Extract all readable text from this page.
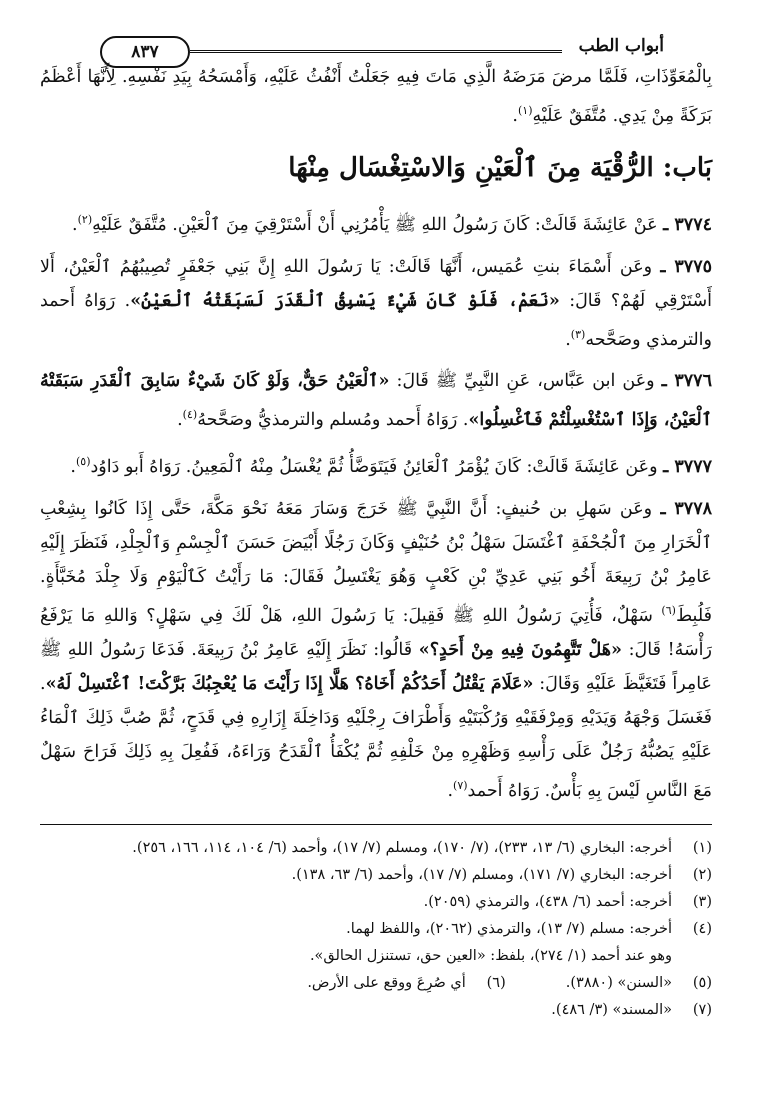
أبواب الطب
٨٣٧

بِالْمُعَوِّذَاتِ، فَلَمَّا مرضَ مَرَضَهُ الَّذِي مَاتَ فِيهِ جَعَلْتُ أَنْفُثُ عَلَيْهِ، وَأَمْسَحُهُ بِيَدِ نَفْسِهِ. لِأَنَّهَا أَعْظَمُ بَرَكَةً مِنْ يَدِي. مُتَّفَقٌ عَلَيْهِ$^{(١)}$.

بَاب: الرُّقْيَة مِنَ ٱلْعَيْنِ وَالاسْتِغْسَال مِنْهَا

٣٧٧٤ ـ عَنْ عَائِشَةَ قَالَتْ: كَانَ رَسُولُ اللهِ ﷺ يَأْمُرُنِي أَنْ أَسْتَرْقِيَ مِنَ ٱلْعَيْنِ. مُتَّفَقٌ عَلَيْهِ$^{(٢)}$.

٣٧٧٥ ـ وعَن أَسْمَاءَ بنتِ عُمَيس، أَنَّهَا قَالَتْ: يَا رَسُولَ اللهِ إِنَّ بَنِي جَعْفَرٍ تُصِيبُهُمُ ٱلْعَيْنُ، أَلا أَسْتَرْقِي لَهُمْ؟ قَالَ: «نَعَمْ، فَلَوْ كَانَ شَيْءٌ يَسْبِقُ ٱلْقَدَرَ لَسَبَقَتْهُ ٱلْعَيْنُ». رَوَاهُ أَحمد والترمذي وصَحَّحه$^{(٣)}$.

٣٧٧٦ ـ وعَن ابن عَبَّاس، عَنِ النَّبِيِّ ﷺ قَالَ: «ٱلْعَيْنُ حَقٌّ، وَلَوْ كَانَ شَيْءٌ سَابِقَ ٱلْقَدَرِ سَبَقَتْهُ ٱلْعَيْنُ، وَإِذَا ٱسْتُغْسِلْتُمْ فَٱغْسِلُوا». رَوَاهُ أَحمد ومُسلم والترمذيُّ وصَحَّحهُ$^{(٤)}$.

٣٧٧٧ ـ وعَن عَائِشَةَ قَالَتْ: كَانَ يُؤْمَرُ ٱلْعَائِنُ فَيَتَوَضَّأُ ثُمَّ يُغْسَلُ مِنْهُ ٱلْمَعِينُ. رَوَاهُ أَبو دَاوُد$^{(٥)}$.

٣٧٧٨ ـ وعَن سَهلِ بن حُنيفٍ: أَنَّ النَّبِيَّ ﷺ خَرَجَ وَسَارَ مَعَهُ نَحْوَ مَكَّةَ، حَتَّى إِذَا كَانُوا بِشِعْبِ ٱلْخَرَارِ مِنَ ٱلْجُحْفَةِ ٱغْتَسَلَ سَهْلُ بْنُ حُنَيْفٍ وَكَانَ رَجُلًا أَبْيَضَ حَسَنَ ٱلْجِسْمِ وَٱلْجِلْدِ، فَنَظَرَ إِلَيْهِ عَامِرُ بْنُ رَبِيعَةَ أَخُو بَنِي عَدِيِّ بْنِ كَعْبٍ وَهُوَ يَغْتَسِلُ فَقَالَ: مَا رَأَيْتُ كَٱلْيَوْمِ وَلَا جِلْدَ مُخَبَّأَةٍ. فَلُبِطَ$^{(٦)}$ سَهْلٌ، فَأُتِيَ رَسُولُ اللهِ ﷺ فَقِيلَ: يَا رَسُولَ اللهِ، هَلْ لَكَ فِي سَهْلٍ؟ وَاللهِ مَا يَرْفَعُ رَأْسَهُ! قَالَ: «هَلْ تَتَّهِمُونَ فِيهِ مِنْ أَحَدٍ؟» قَالُوا: نَظَرَ إِلَيْهِ عَامِرُ بْنُ رَبِيعَةَ. فَدَعَا رَسُولُ اللهِ ﷺ عَامِراً فَتَغَيَّظَ عَلَيْهِ وَقَالَ: «عَلَامَ يَقْتُلُ أَحَدُكُمْ أَخَاهُ؟ هَلَّا إِذَا رَأَيْتَ مَا يُعْجِبُكَ بَرَّكْتَ! ٱغْتَسِلْ لَهُ». فَغَسَلَ وَجْهَهُ وَيَدَيْهِ وَمِرْفَقَيْهِ وَرُكْبَتَيْهِ وَأَطْرَافَ رِجْلَيْهِ وَدَاخِلَةَ إِزَارِهِ فِي قَدَحٍ، ثُمَّ صُبَّ ذَلِكَ ٱلْمَاءُ عَلَيْهِ يَصُبُّهُ رَجُلٌ عَلَى رَأْسِهِ وَظَهْرِهِ مِنْ خَلْفِهِ ثُمَّ يُكْفَأُ ٱلْقَدَحُ وَرَاءَهُ، فَفُعِلَ بِهِ ذَلِكَ فَرَاحَ سَهْلٌ مَعَ النَّاسِ لَيْسَ بِهِ بَأْسٌ. رَوَاهُ أَحمد$^{(٧)}$.

(١)
أخرجه: البخاري (٦/ ١٣، ٢٣٣)، (٧/ ١٧٠)، ومسلم (٧/ ١٧)، وأحمد (٦/ ١٠٤، ١١٤، ١٦٦، ٢٥٦).
(٢)
أخرجه: البخاري (٧/ ١٧١)، ومسلم (٧/ ١٧)، وأحمد (٦/ ٦٣، ١٣٨).
(٣)
أخرجه: أحمد (٦/ ٤٣٨)، والترمذي (٢٠٥٩).
(٤)
أخرجه: مسلم (٧/ ١٣)، والترمذي (٢٠٦٢)، واللفظ لهما.
وهو عند أحمد (١/ ٢٧٤)، بلفظ: «العين حق، تستنزل الحالق».
(٥)
«السنن» (٣٨٨٠).
(٦)
أي صُرِعَ ووقع على الأرض.
(٧)
«المسند» (٣/ ٤٨٦).
